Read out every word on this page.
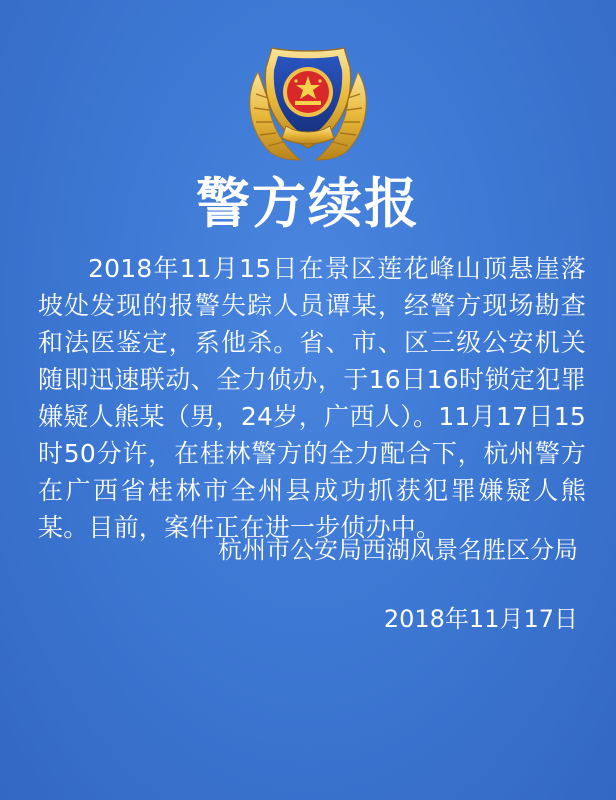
警方续报

2018年11月15日在景区莲花峰山顶悬崖落坡处发现的报警失踪人员谭某，经警方现场勘查和法医鉴定，系他杀。省、市、区三级公安机关随即迅速联动、全力侦办，于16日16时锁定犯罪嫌疑人熊某（男，24岁，广西人）。11月17日15时50分许，在桂林警方的全力配合下，杭州警方在广西省桂林市全州县成功抓获犯罪嫌疑人熊某。目前，案件正在进一步侦办中。

杭州市公安局西湖风景名胜区分局

2018年11月17日
